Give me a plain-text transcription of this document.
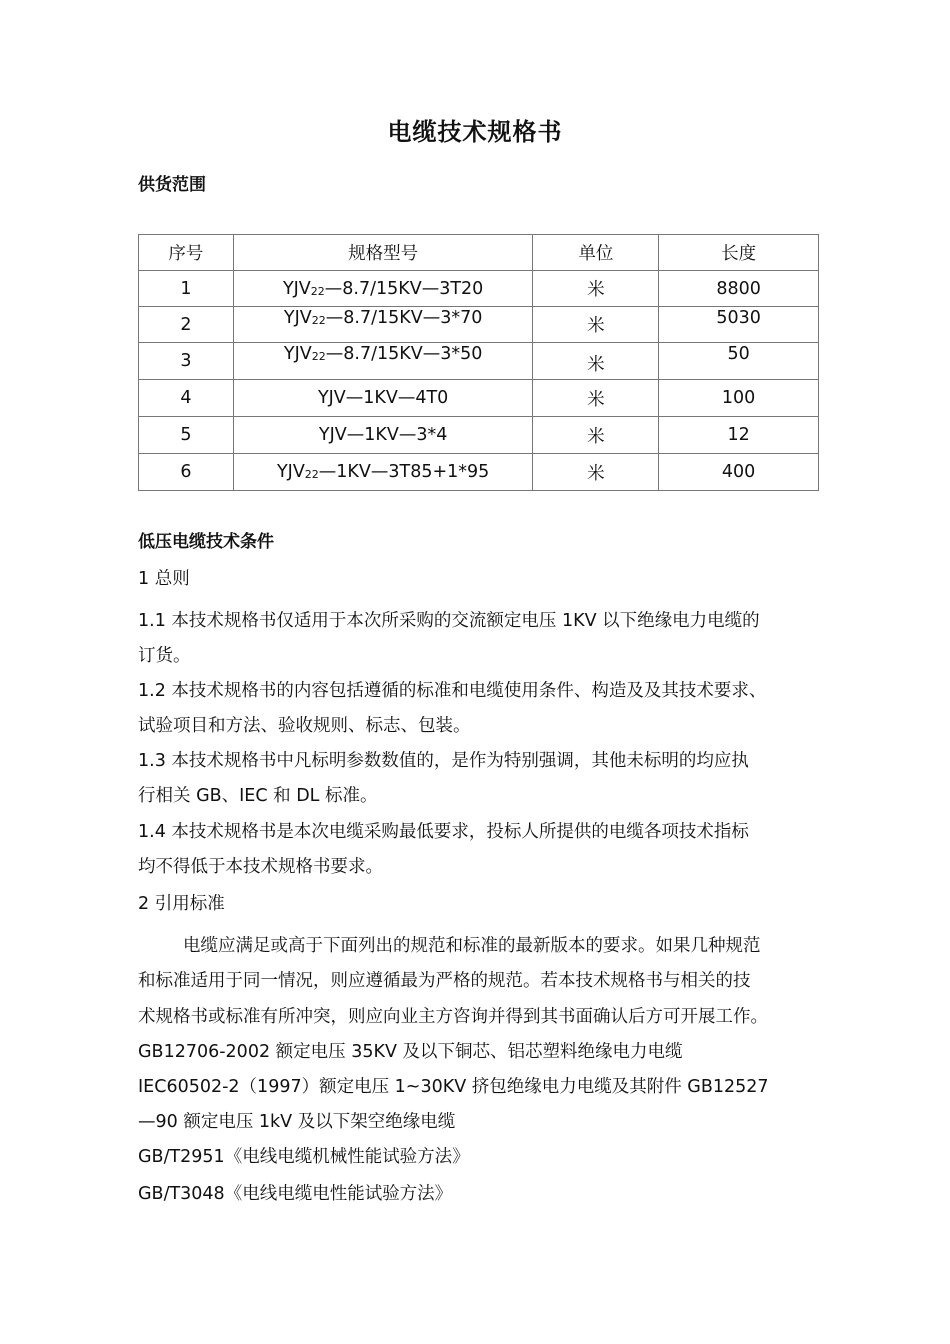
电缆技术规格书
供货范围
序号	规格型号	单位	长度
1	$YJV_{22}—8.7/15KV—3T20$	米	8800
2	$YJV_{22}—8.7/15KV—3*70$	米	5030
3	$YJV_{22}—8.7/15KV—3*50$	米	50
4	YJV—1KV—4T0	米	100
5	YJV—1KV—3*4	米	12
6	$YJV_{22}—1KV—3T85+1*95$	米	400
低压电缆技术条件
1 总则
1.1 本技术规格书仅适用于本次所采购的交流额定电压 1KV 以下绝缘电力电缆的
订货。
1.2 本技术规格书的内容包括遵循的标准和电缆使用条件、构造及及其技术要求、
试验项目和方法、验收规则、标志、包装。
1.3 本技术规格书中凡标明参数数值的，是作为特别强调，其他未标明的均应执
行相关 GB、IEC 和 DL 标准。
1.4 本技术规格书是本次电缆采购最低要求，投标人所提供的电缆各项技术指标
均不得低于本技术规格书要求。
2 引用标准
电缆应满足或高于下面列出的规范和标准的最新版本的要求。如果几种规范
和标准适用于同一情况，则应遵循最为严格的规范。若本技术规格书与相关的技
术规格书或标准有所冲突，则应向业主方咨询并得到其书面确认后方可开展工作。
GB12706-2002 额定电压 35KV 及以下铜芯、铝芯塑料绝缘电力电缆
IEC60502-2（1997）额定电压 1~30KV 挤包绝缘电力电缆及其附件 GB12527
—90 额定电压 1kV 及以下架空绝缘电缆
GB/T2951《电线电缆机械性能试验方法》
GB/T3048《电线电缆电性能试验方法》
